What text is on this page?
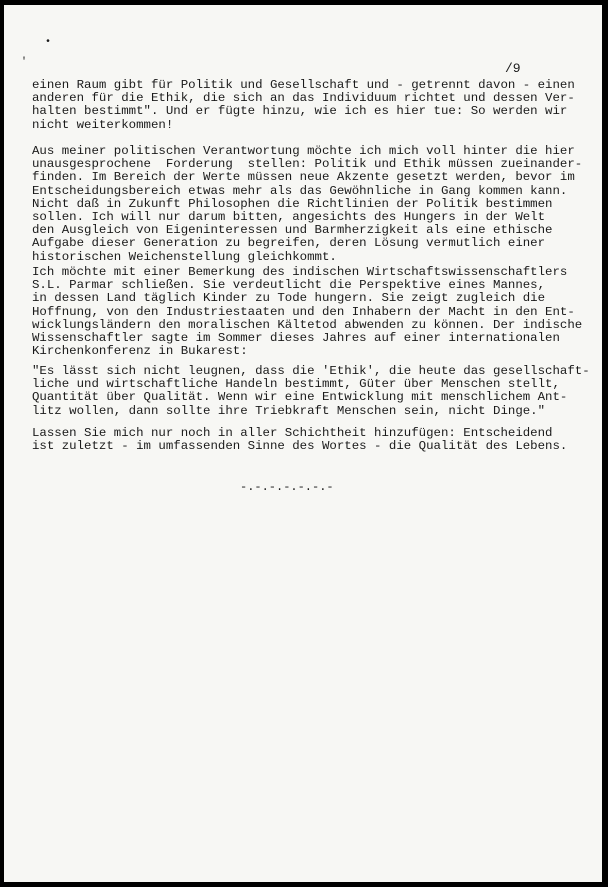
•
'	/9

einen Raum gibt für Politik und Gesellschaft und - getrennt davon - einen
anderen für die Ethik, die sich an das Individuum richtet und dessen Ver-
halten bestimmt". Und er fügte hinzu, wie ich es hier tue: So werden wir
nicht weiterkommen!

Aus meiner politischen Verantwortung möchte ich mich voll hinter die hier
unausgesprochene  Forderung  stellen: Politik und Ethik müssen zueinander-
finden. Im Bereich der Werte müssen neue Akzente gesetzt werden, bevor im
Entscheidungsbereich etwas mehr als das Gewöhnliche in Gang kommen kann.
Nicht daß in Zukunft Philosophen die Richtlinien der Politik bestimmen
sollen. Ich will nur darum bitten, angesichts des Hungers in der Welt
den Ausgleich von Eigeninteressen und Barmherzigkeit als eine ethische
Aufgabe dieser Generation zu begreifen, deren Lösung vermutlich einer
historischen Weichenstellung gleichkommt.

Ich möchte mit einer Bemerkung des indischen Wirtschaftswissenschaftlers
S.L. Parmar schließen. Sie verdeutlicht die Perspektive eines Mannes,
in dessen Land täglich Kinder zu Tode hungern. Sie zeigt zugleich die
Hoffnung, von den Industriestaaten und den Inhabern der Macht in den Ent-
wicklungsländern den moralischen Kältetod abwenden zu können. Der indische
Wissenschaftler sagte im Sommer dieses Jahres auf einer internationalen
Kirchenkonferenz in Bukarest:

"Es lässt sich nicht leugnen, dass die 'Ethik', die heute das gesellschaft-
liche und wirtschaftliche Handeln bestimmt, Güter über Menschen stellt,
Quantität über Qualität. Wenn wir eine Entwicklung mit menschlichem Ant-
litz wollen, dann sollte ihre Triebkraft Menschen sein, nicht Dinge."

Lassen Sie mich nur noch in aller Schichtheit hinzufügen: Entscheidend
ist zuletzt - im umfassenden Sinne des Wortes - die Qualität des Lebens.

-.-.-.-.-.-.-
